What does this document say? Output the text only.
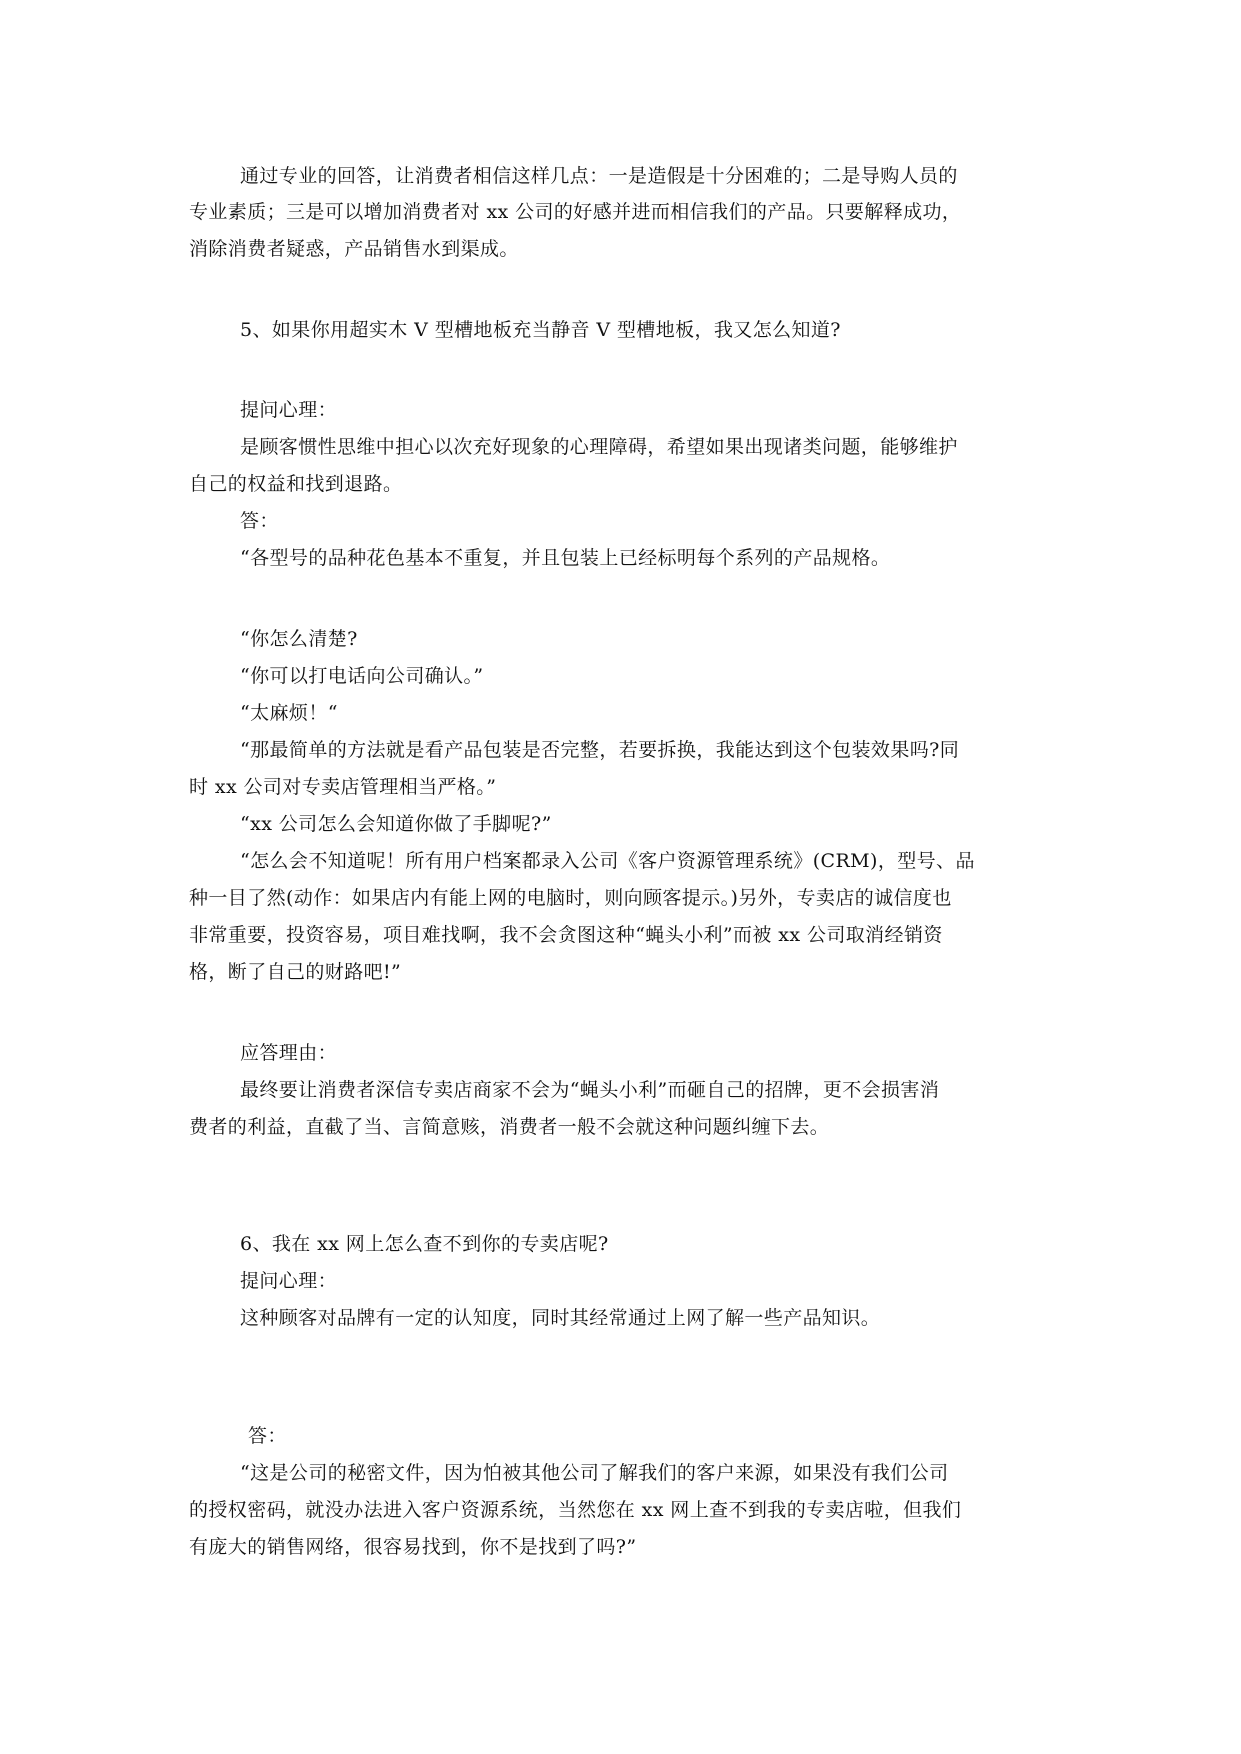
通过专业的回答，让消费者相信这样几点：一是造假是十分困难的；二是导购人员的

专业素质；三是可以增加消费者对 xx 公司的好感并进而相信我们的产品。只要解释成功，

消除消费者疑惑，产品销售水到渠成。

5、如果你用超实木 V 型槽地板充当静音 V 型槽地板，我又怎么知道?

提问心理：

是顾客惯性思维中担心以次充好现象的心理障碍，希望如果出现诸类问题，能够维护

自己的权益和找到退路。

答：

“各型号的品种花色基本不重复，并且包装上已经标明每个系列的产品规格。

“你怎么清楚?

“你可以打电话向公司确认。”

“太麻烦！“

“那最简单的方法就是看产品包装是否完整，若要拆换，我能达到这个包装效果吗?同

时 xx 公司对专卖店管理相当严格。”

“xx 公司怎么会知道你做了手脚呢?”

“怎么会不知道呢！所有用户档案都录入公司《客户资源管理系统》(CRM)，型号、品

种一目了然(动作：如果店内有能上网的电脑时，则向顾客提示。)另外，专卖店的诚信度也

非常重要，投资容易，项目难找啊，我不会贪图这种“蝇头小利”而被 xx 公司取消经销资

格，断了自己的财路吧!”

应答理由：

最终要让消费者深信专卖店商家不会为“蝇头小利”而砸自己的招牌，更不会损害消

费者的利益，直截了当、言简意赅，消费者一般不会就这种问题纠缠下去。

6、我在 xx 网上怎么查不到你的专卖店呢?

提问心理：

这种顾客对品牌有一定的认知度，同时其经常通过上网了解一些产品知识。

答：

“这是公司的秘密文件，因为怕被其他公司了解我们的客户来源，如果没有我们公司

的授权密码，就没办法进入客户资源系统，当然您在 xx 网上查不到我的专卖店啦，但我们

有庞大的销售网络，很容易找到，你不是找到了吗?”
